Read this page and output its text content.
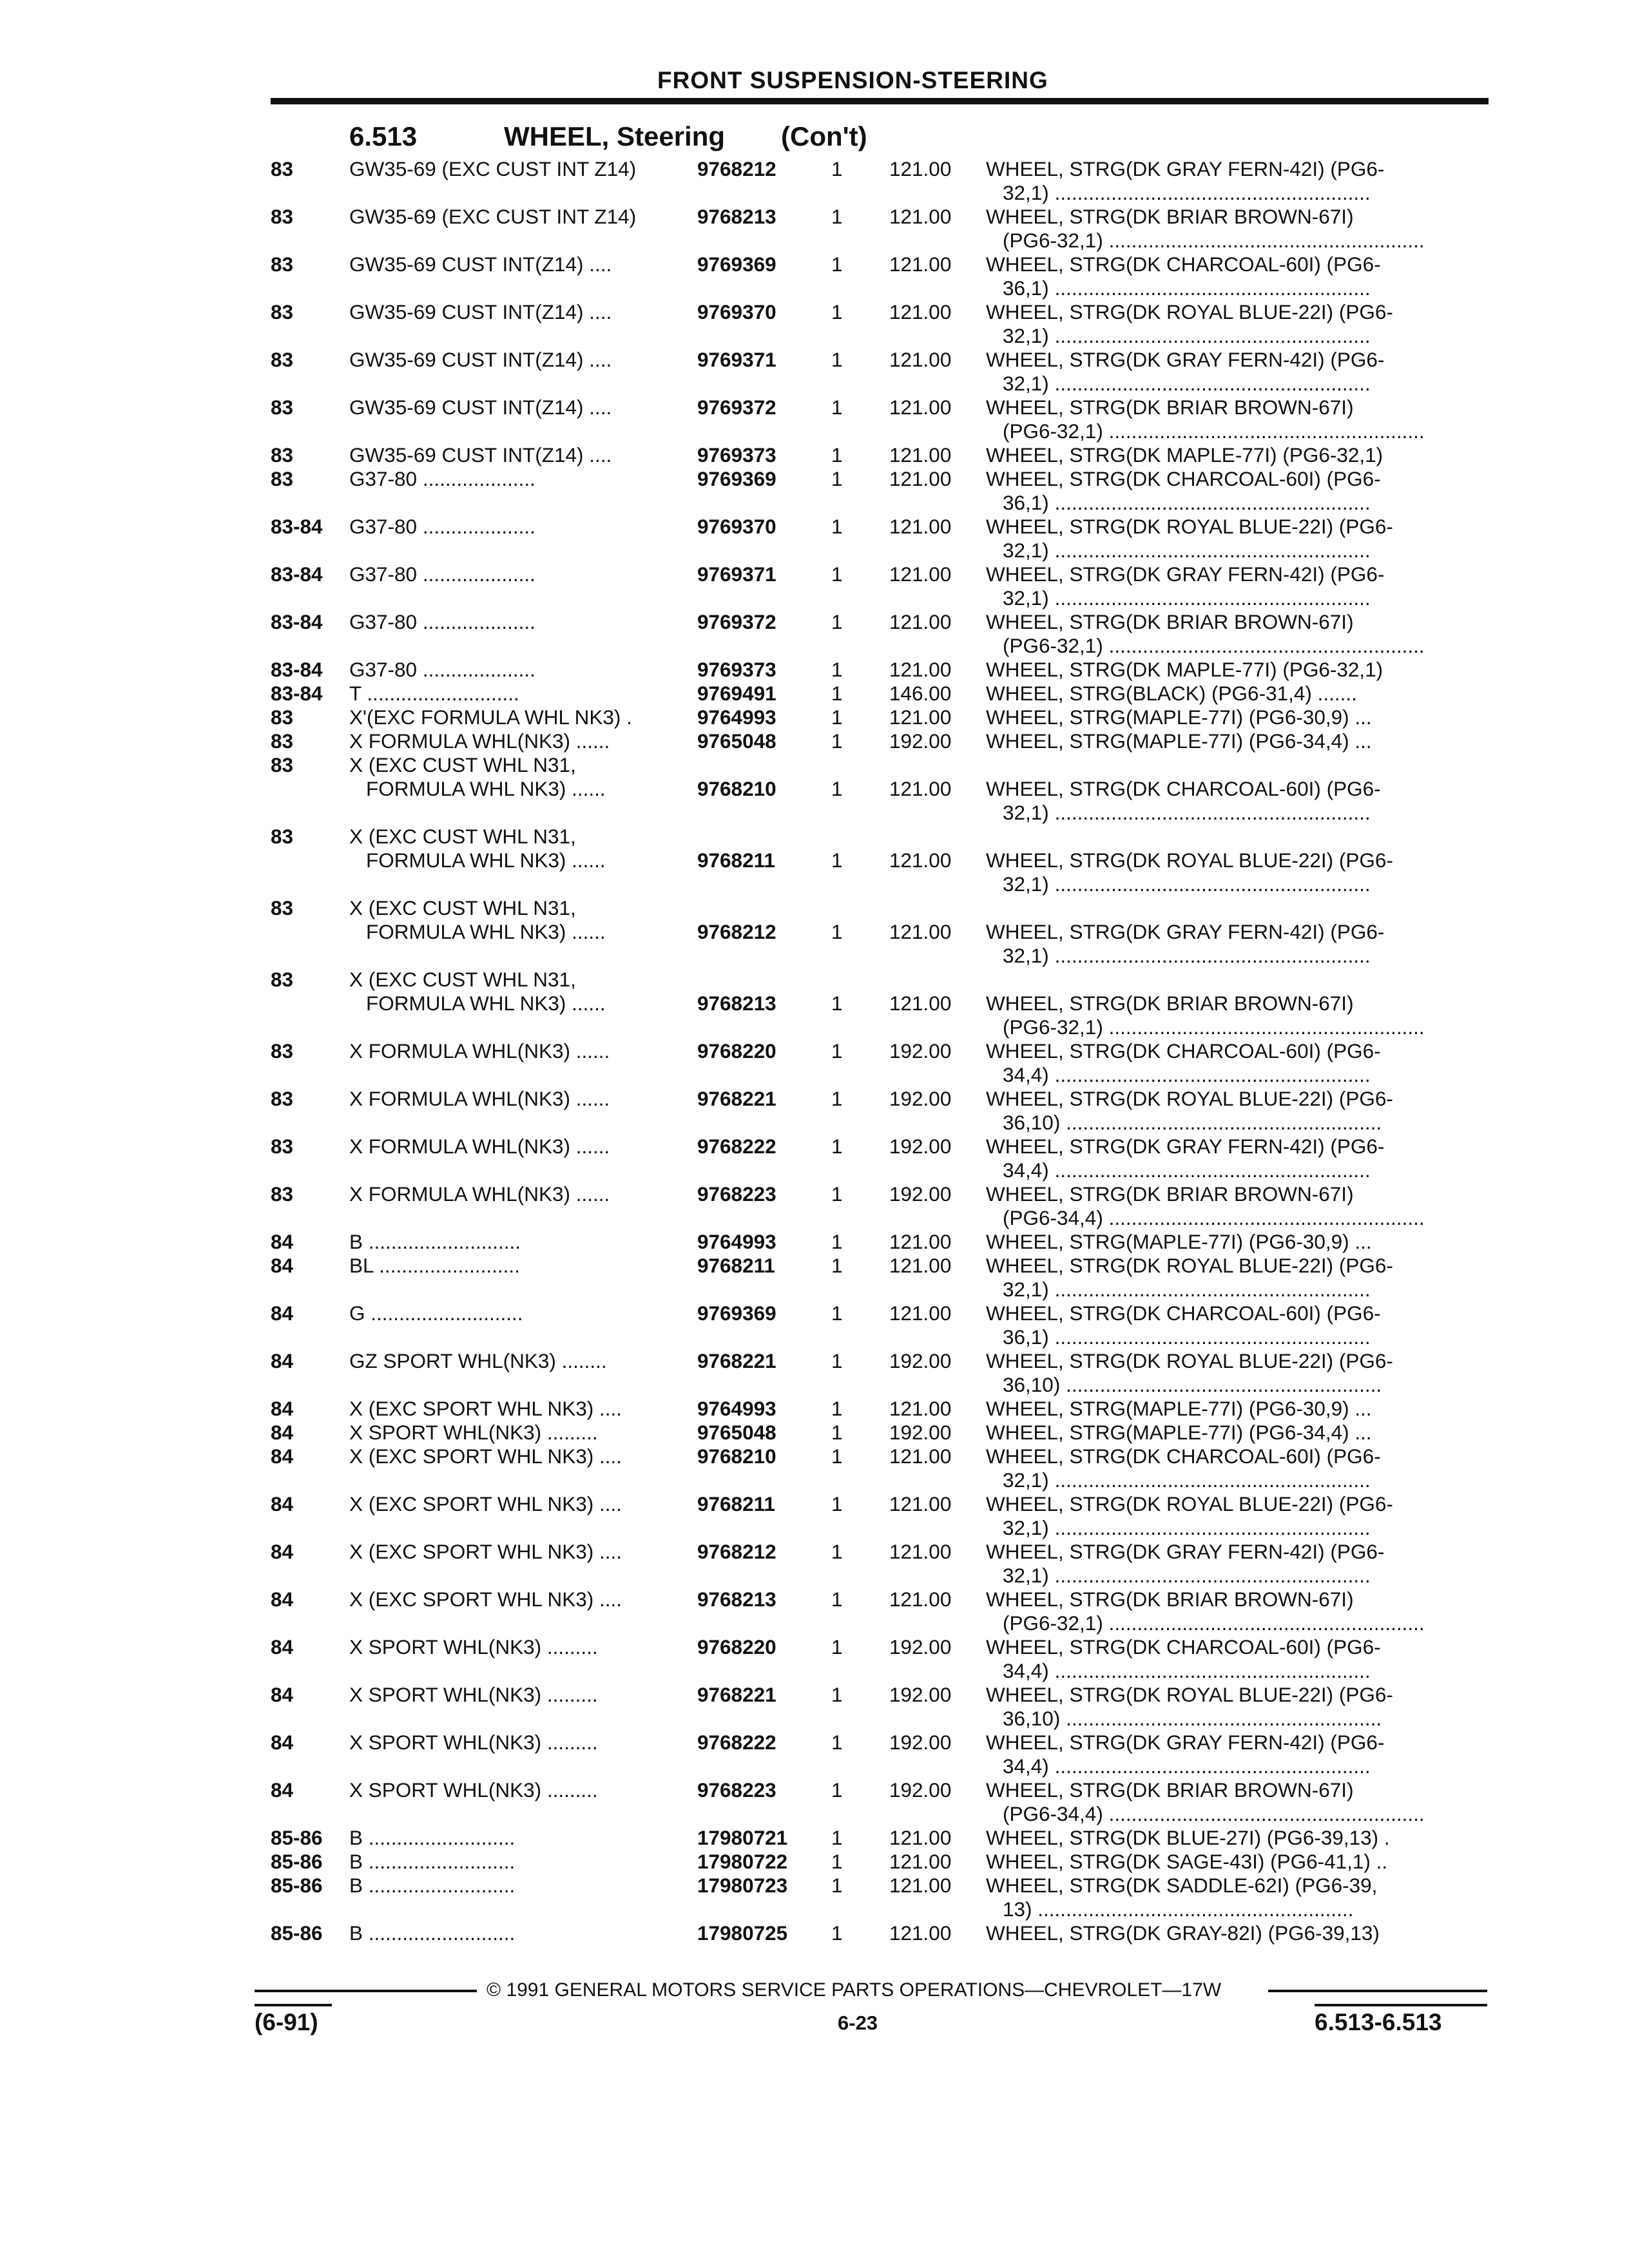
FRONT SUSPENSION-STEERING
6.513	WHEEL, Steering (Con't)
83	GW35-69 (EXC CUST INT Z14)	9768212	1	121.00	WHEEL, STRG(DK GRAY FERN-42I) (PG6-
32,1) .....
83	GW35-69 (EXC CUST INT Z14)	9768213	1	121.00	WHEEL, STRG(DK BRIAR BROWN-67I)
(PG6-32,1) .....
83	GW35-69 CUST INT(Z14) ....	9769369	1	121.00	WHEEL, STRG(DK CHARCOAL-60I) (PG6-
36,1) .....
83	GW35-69 CUST INT(Z14) ....	9769370	1	121.00	WHEEL, STRG(DK ROYAL BLUE-22I) (PG6-
32,1) .....
83	GW35-69 CUST INT(Z14) ....	9769371	1	121.00	WHEEL, STRG(DK GRAY FERN-42I) (PG6-
32,1) .....
83	GW35-69 CUST INT(Z14) ....	9769372	1	121.00	WHEEL, STRG(DK BRIAR BROWN-67I)
(PG6-32,1) .....
83	GW35-69 CUST INT(Z14) ....	9769373	1	121.00	WHEEL, STRG(DK MAPLE-77I) (PG6-32,1)
83	G37-80 ....................	9769369	1	121.00	WHEEL, STRG(DK CHARCOAL-60I) (PG6-
36,1) .....
83-84	G37-80 ....................	9769370	1	121.00	WHEEL, STRG(DK ROYAL BLUE-22I) (PG6-
32,1) .....
83-84	G37-80 ....................	9769371	1	121.00	WHEEL, STRG(DK GRAY FERN-42I) (PG6-
32,1) .....
83-84	G37-80 ....................	9769372	1	121.00	WHEEL, STRG(DK BRIAR BROWN-67I)
(PG6-32,1) .....
83-84	G37-80 ....................	9769373	1	121.00	WHEEL, STRG(DK MAPLE-77I) (PG6-32,1)
83-84	T ...........................	9769491	1	146.00	WHEEL, STRG(BLACK) (PG6-31,4) .......
83	X'(EXC FORMULA WHL NK3) .	9764993	1	121.00	WHEEL, STRG(MAPLE-77I) (PG6-30,9) ...
83	X FORMULA WHL(NK3) ......	9765048	1	192.00	WHEEL, STRG(MAPLE-77I) (PG6-34,4) ...
83	X (EXC CUST WHL N31,
FORMULA WHL NK3) ......	9768210	1	121.00	WHEEL, STRG(DK CHARCOAL-60I) (PG6-
32,1) .....
83	X (EXC CUST WHL N31,
FORMULA WHL NK3) ......	9768211	1	121.00	WHEEL, STRG(DK ROYAL BLUE-22I) (PG6-
32,1) .....
83	X (EXC CUST WHL N31,
FORMULA WHL NK3) ......	9768212	1	121.00	WHEEL, STRG(DK GRAY FERN-42I) (PG6-
32,1) .....
83	X (EXC CUST WHL N31,
FORMULA WHL NK3) ......	9768213	1	121.00	WHEEL, STRG(DK BRIAR BROWN-67I)
(PG6-32,1) .....
83	X FORMULA WHL(NK3) ......	9768220	1	192.00	WHEEL, STRG(DK CHARCOAL-60I) (PG6-
34,4) .....
83	X FORMULA WHL(NK3) ......	9768221	1	192.00	WHEEL, STRG(DK ROYAL BLUE-22I) (PG6-
36,10) .....
83	X FORMULA WHL(NK3) ......	9768222	1	192.00	WHEEL, STRG(DK GRAY FERN-42I) (PG6-
34,4) .....
83	X FORMULA WHL(NK3) ......	9768223	1	192.00	WHEEL, STRG(DK BRIAR BROWN-67I)
(PG6-34,4) .....
84	B ...........................	9764993	1	121.00	WHEEL, STRG(MAPLE-77I) (PG6-30,9) ...
84	BL .........................	9768211	1	121.00	WHEEL, STRG(DK ROYAL BLUE-22I) (PG6-
32,1) .....
84	G ...........................	9769369	1	121.00	WHEEL, STRG(DK CHARCOAL-60I) (PG6-
36,1) .....
84	GZ SPORT WHL(NK3) ........	9768221	1	192.00	WHEEL, STRG(DK ROYAL BLUE-22I) (PG6-
36,10) .....
84	X (EXC SPORT WHL NK3) ....	9764993	1	121.00	WHEEL, STRG(MAPLE-77I) (PG6-30,9) ...
84	X SPORT WHL(NK3) .........	9765048	1	192.00	WHEEL, STRG(MAPLE-77I) (PG6-34,4) ...
84	X (EXC SPORT WHL NK3) ....	9768210	1	121.00	WHEEL, STRG(DK CHARCOAL-60I) (PG6-
32,1) .....
84	X (EXC SPORT WHL NK3) ....	9768211	1	121.00	WHEEL, STRG(DK ROYAL BLUE-22I) (PG6-
32,1) .....
84	X (EXC SPORT WHL NK3) ....	9768212	1	121.00	WHEEL, STRG(DK GRAY FERN-42I) (PG6-
32,1) .....
84	X (EXC SPORT WHL NK3) ....	9768213	1	121.00	WHEEL, STRG(DK BRIAR BROWN-67I)
(PG6-32,1) .....
84	X SPORT WHL(NK3) .........	9768220	1	192.00	WHEEL, STRG(DK CHARCOAL-60I) (PG6-
34,4) .....
84	X SPORT WHL(NK3) .........	9768221	1	192.00	WHEEL, STRG(DK ROYAL BLUE-22I) (PG6-
36,10) .....
84	X SPORT WHL(NK3) .........	9768222	1	192.00	WHEEL, STRG(DK GRAY FERN-42I) (PG6-
34,4) .....
84	X SPORT WHL(NK3) .........	9768223	1	192.00	WHEEL, STRG(DK BRIAR BROWN-67I)
(PG6-34,4) .....
85-86	B ..........................	17980721	1	121.00	WHEEL, STRG(DK BLUE-27I) (PG6-39,13) .
85-86	B ..........................	17980722	1	121.00	WHEEL, STRG(DK SAGE-43I) (PG6-41,1) ..
85-86	B ..........................	17980723	1	121.00	WHEEL, STRG(DK SADDLE-62I) (PG6-39,
13) .....
85-86	B ..........................	17980725	1	121.00	WHEEL, STRG(DK GRAY-82I) (PG6-39,13)
© 1991 GENERAL MOTORS SERVICE PARTS OPERATIONS—CHEVROLET—17W
(6-91)	6-23	6.513-6.513
